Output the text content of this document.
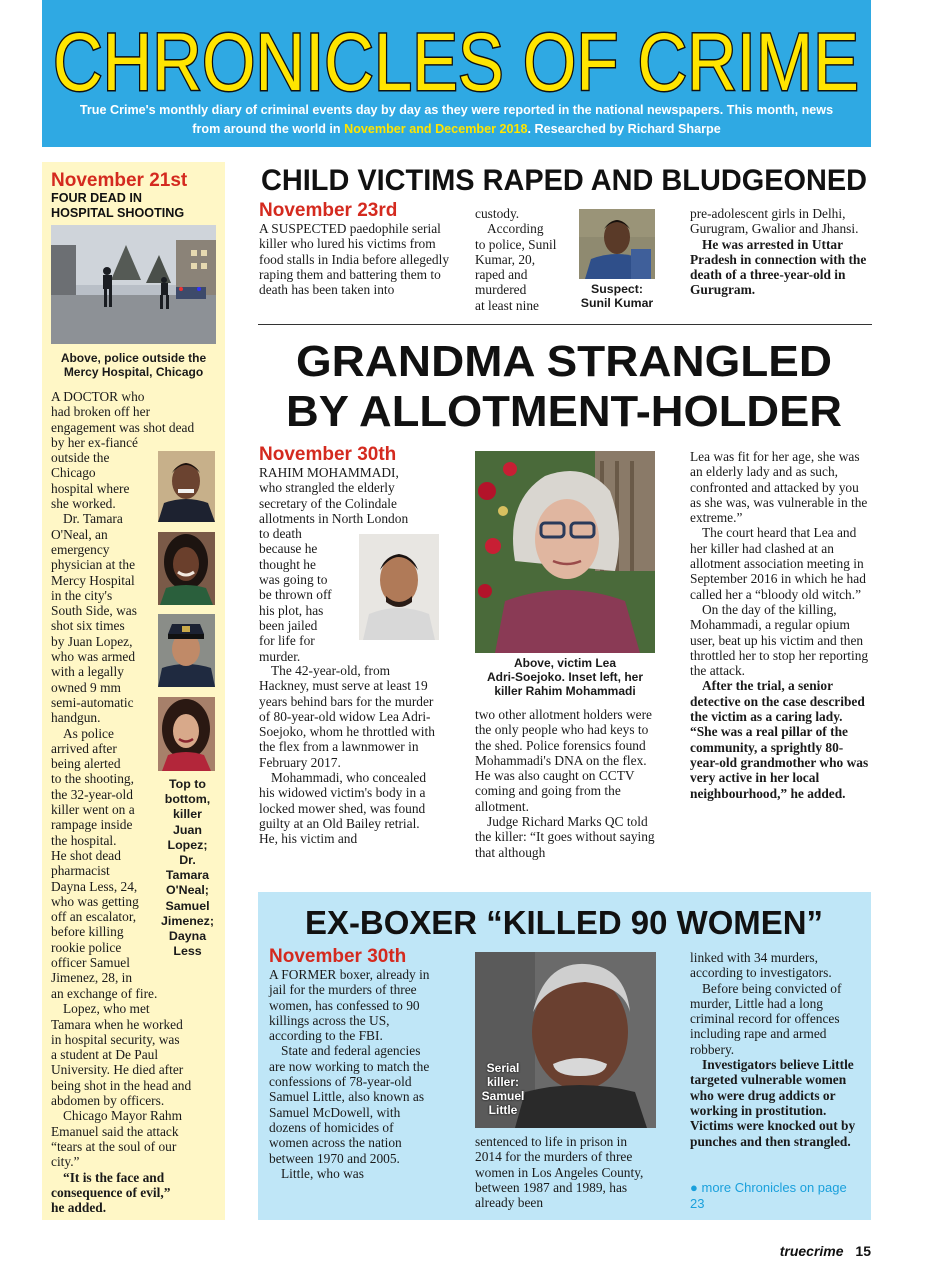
CHRONICLES OF CRIME
True Crime's monthly diary of criminal events day by day as they were reported in the national newspapers. This month, news
from around the world in November and December 2018. Researched by Richard Sharpe
November 21st
FOUR DEAD IN
HOSPITAL SHOOTING
Above, police outside the
Mercy Hospital, Chicago
A DOCTOR who
had broken off her
engagement was shot dead
by her ex-fiancé
outside the
Chicago
hospital where
she worked.
Dr. Tamara
O'Neal, an
emergency
physician at the
Mercy Hospital
in the city's
South Side, was
shot six times
by Juan Lopez,
who was armed
with a legally
owned 9 mm
semi-automatic
handgun.
As police
arrived after
being alerted
to the shooting,
the 32-year-old
killer went on a
rampage inside
the hospital.
He shot dead
pharmacist
Dayna Less, 24,
who was getting
off an escalator,
before killing
rookie police
officer Samuel
Jimenez, 28, in
an exchange of fire.
Lopez, who met
Tamara when he worked
in hospital security, was
a student at De Paul
University. He died after
being shot in the head and
abdomen by officers.
Chicago Mayor Rahm
Emanuel said the attack
“tears at the soul of our
city.”
“It is the face and
consequence of evil,”
he added.
Top to
bottom,
killer
Juan
Lopez;
Dr.
Tamara
O'Neal;
Samuel
Jimenez;
Dayna
Less
CHILD VICTIMS RAPED AND BLUDGEONED
November 23rd
A SUSPECTED paedophile serial killer who lured his victims from food stalls in India before allegedly raping them and battering them to death has been taken into
custody.
According
to police, Sunil
Kumar, 20,
raped and
murdered
at least nine
Suspect:
Sunil Kumar

pre-adolescent girls in Delhi, Gurugram, Gwalior and Jhansi.

He was arrested in Uttar Pradesh in connection with the death of a three-year-old in Gurugram.

GRANDMA STRANGLED
BY ALLOTMENT-HOLDER
November 30th
RAHIM MOHAMMADI,
who strangled the elderly
secretary of the Colindale
allotments in North London
to death
because he
thought he
was going to
be thrown off
his plot, has
been jailed
for life for
murder.

The 42-year-old, from Hackney, must serve at least 19 years behind bars for the murder of 80-year-old widow Lea Adri-Soejoko, whom he throttled with the flex from a lawnmower in February 2017.

Mohammadi, who concealed his widowed victim's body in a locked mower shed, was found guilty at an Old Bailey retrial. He, his victim and

Above, victim Lea
Adri-Soejoko. Inset left, her
killer Rahim Mohammadi

two other allotment holders were the only people who had keys to the shed. Police forensics found Mohammadi's DNA on the flex. He was also caught on CCTV coming and going from the allotment.

Judge Richard Marks QC told the killer: “It goes without saying that although

Lea was fit for her age, she was an elderly lady and as such, confronted and attacked by you as she was, was vulnerable in the extreme.”

The court heard that Lea and her killer had clashed at an allotment association meeting in September 2016 in which he had called her a “bloody old witch.”

On the day of the killing, Mohammadi, a regular opium user, beat up his victim and then throttled her to stop her reporting the attack.

After the trial, a senior detective on the case described the victim as a caring lady. “She was a real pillar of the community, a sprightly 80-year-old grandmother who was very active in her local neighbourhood,” he added.

EX-BOXER “KILLED 90 WOMEN”
November 30th

A FORMER boxer, already in jail for the murders of three women, has confessed to 90 killings across the US, according to the FBI.

State and federal agencies are now working to match the confessions of 78-year-old Samuel Little, also known as Samuel McDowell, with dozens of homicides of women across the nation between 1970 and 2005.

Little, who was

Serial
killer:
Samuel
Little

sentenced to life in prison in 2014 for the murders of three women in Los Angeles County, between 1987 and 1989, has already been

linked with 34 murders, according to investigators.

Before being convicted of murder, Little had a long criminal record for offences including rape and armed robbery.

Investigators believe Little targeted vulnerable women who were drug addicts or working in prostitution. Victims were knocked out by punches and then strangled.

● more Chronicles on page
23
truecrime 15
